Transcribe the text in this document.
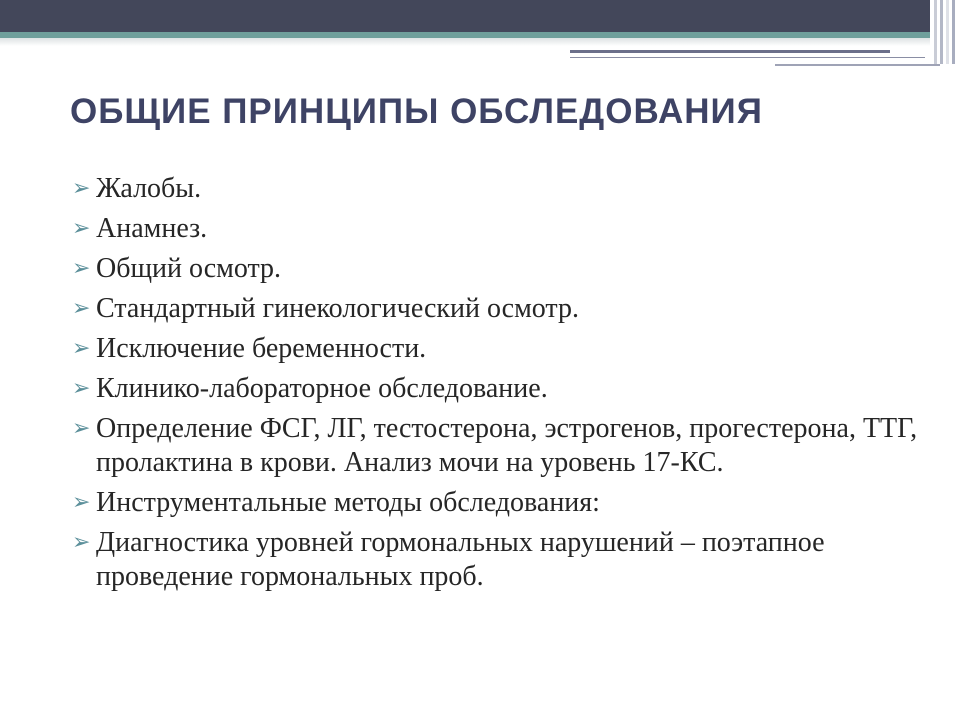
ОБЩИЕ ПРИНЦИПЫ ОБСЛЕДОВАНИЯ
➢ Жалобы.
➢ Анамнез.
➢ Общий осмотр.
➢ Стандартный гинекологический осмотр.
➢ Исключение беременности.
➢ Клинико-лабораторное обследование.
➢ Определение ФСГ, ЛГ, тестостерона, эстрогенов, прогестерона, ТТГ, пролактина в крови. Анализ мочи на уровень 17-КС.
➢ Инструментальные методы обследования:
➢ Диагностика уровней гормональных нарушений – поэтапное проведение гормональных проб.
